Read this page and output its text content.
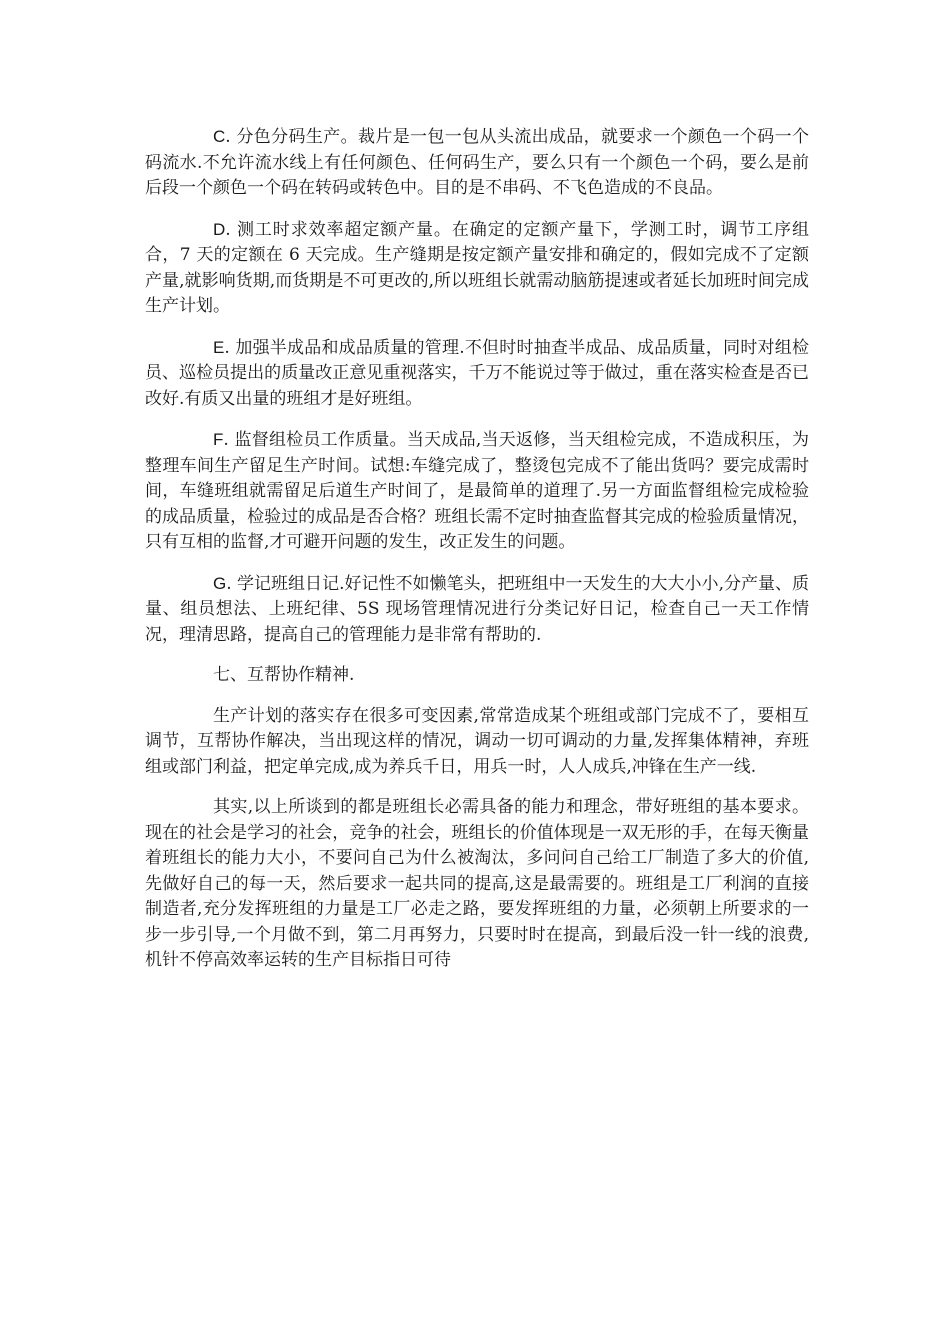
C. 分色分码生产。裁片是一包一包从头流出成品，就要求一个颜色一个码一个码流水.不允许流水线上有任何颜色、任何码生产，要么只有一个颜色一个码，要么是前后段一个颜色一个码在转码或转色中。目的是不串码、不飞色造成的不良品。

D. 测工时求效率超定额产量。在确定的定额产量下，学测工时，调节工序组合，7 天的定额在 6 天完成。生产缝期是按定额产量安排和确定的，假如完成不了定额产量,就影响货期,而货期是不可更改的,所以班组长就需动脑筋提速或者延长加班时间完成生产计划。

E. 加强半成品和成品质量的管理.不但时时抽查半成品、成品质量，同时对组检员、巡检员提出的质量改正意见重视落实，千万不能说过等于做过，重在落实检查是否已改好.有质又出量的班组才是好班组。

F. 监督组检员工作质量。当天成品,当天返修，当天组检完成，不造成积压，为整理车间生产留足生产时间。试想:车缝完成了，整烫包完成不了能出货吗？要完成需时间，车缝班组就需留足后道生产时间了，是最简单的道理了.另一方面监督组检完成检验的成品质量，检验过的成品是否合格？班组长需不定时抽查监督其完成的检验质量情况，只有互相的监督,才可避开问题的发生，改正发生的问题。

G. 学记班组日记.好记性不如懒笔头，把班组中一天发生的大大小小,分产量、质量、组员想法、上班纪律、5S 现场管理情况进行分类记好日记，检查自己一天工作情况，理清思路，提高自己的管理能力是非常有帮助的.

七、互帮协作精神.

生产计划的落实存在很多可变因素,常常造成某个班组或部门完成不了，要相互调节，互帮协作解决，当出现这样的情况，调动一切可调动的力量,发挥集体精神，弃班组或部门利益，把定单完成,成为养兵千日，用兵一时，人人成兵,冲锋在生产一线.

其实,以上所谈到的都是班组长必需具备的能力和理念，带好班组的基本要求。现在的社会是学习的社会，竞争的社会，班组长的价值体现是一双无形的手，在每天衡量着班组长的能力大小，不要问自己为什么被淘汰，多问问自己给工厂制造了多大的价值,先做好自己的每一天，然后要求一起共同的提高,这是最需要的。班组是工厂利润的直接制造者,充分发挥班组的力量是工厂必走之路，要发挥班组的力量，必须朝上所要求的一步一步引导,一个月做不到，第二月再努力，只要时时在提高，到最后没一针一线的浪费,机针不停高效率运转的生产目标指日可待
